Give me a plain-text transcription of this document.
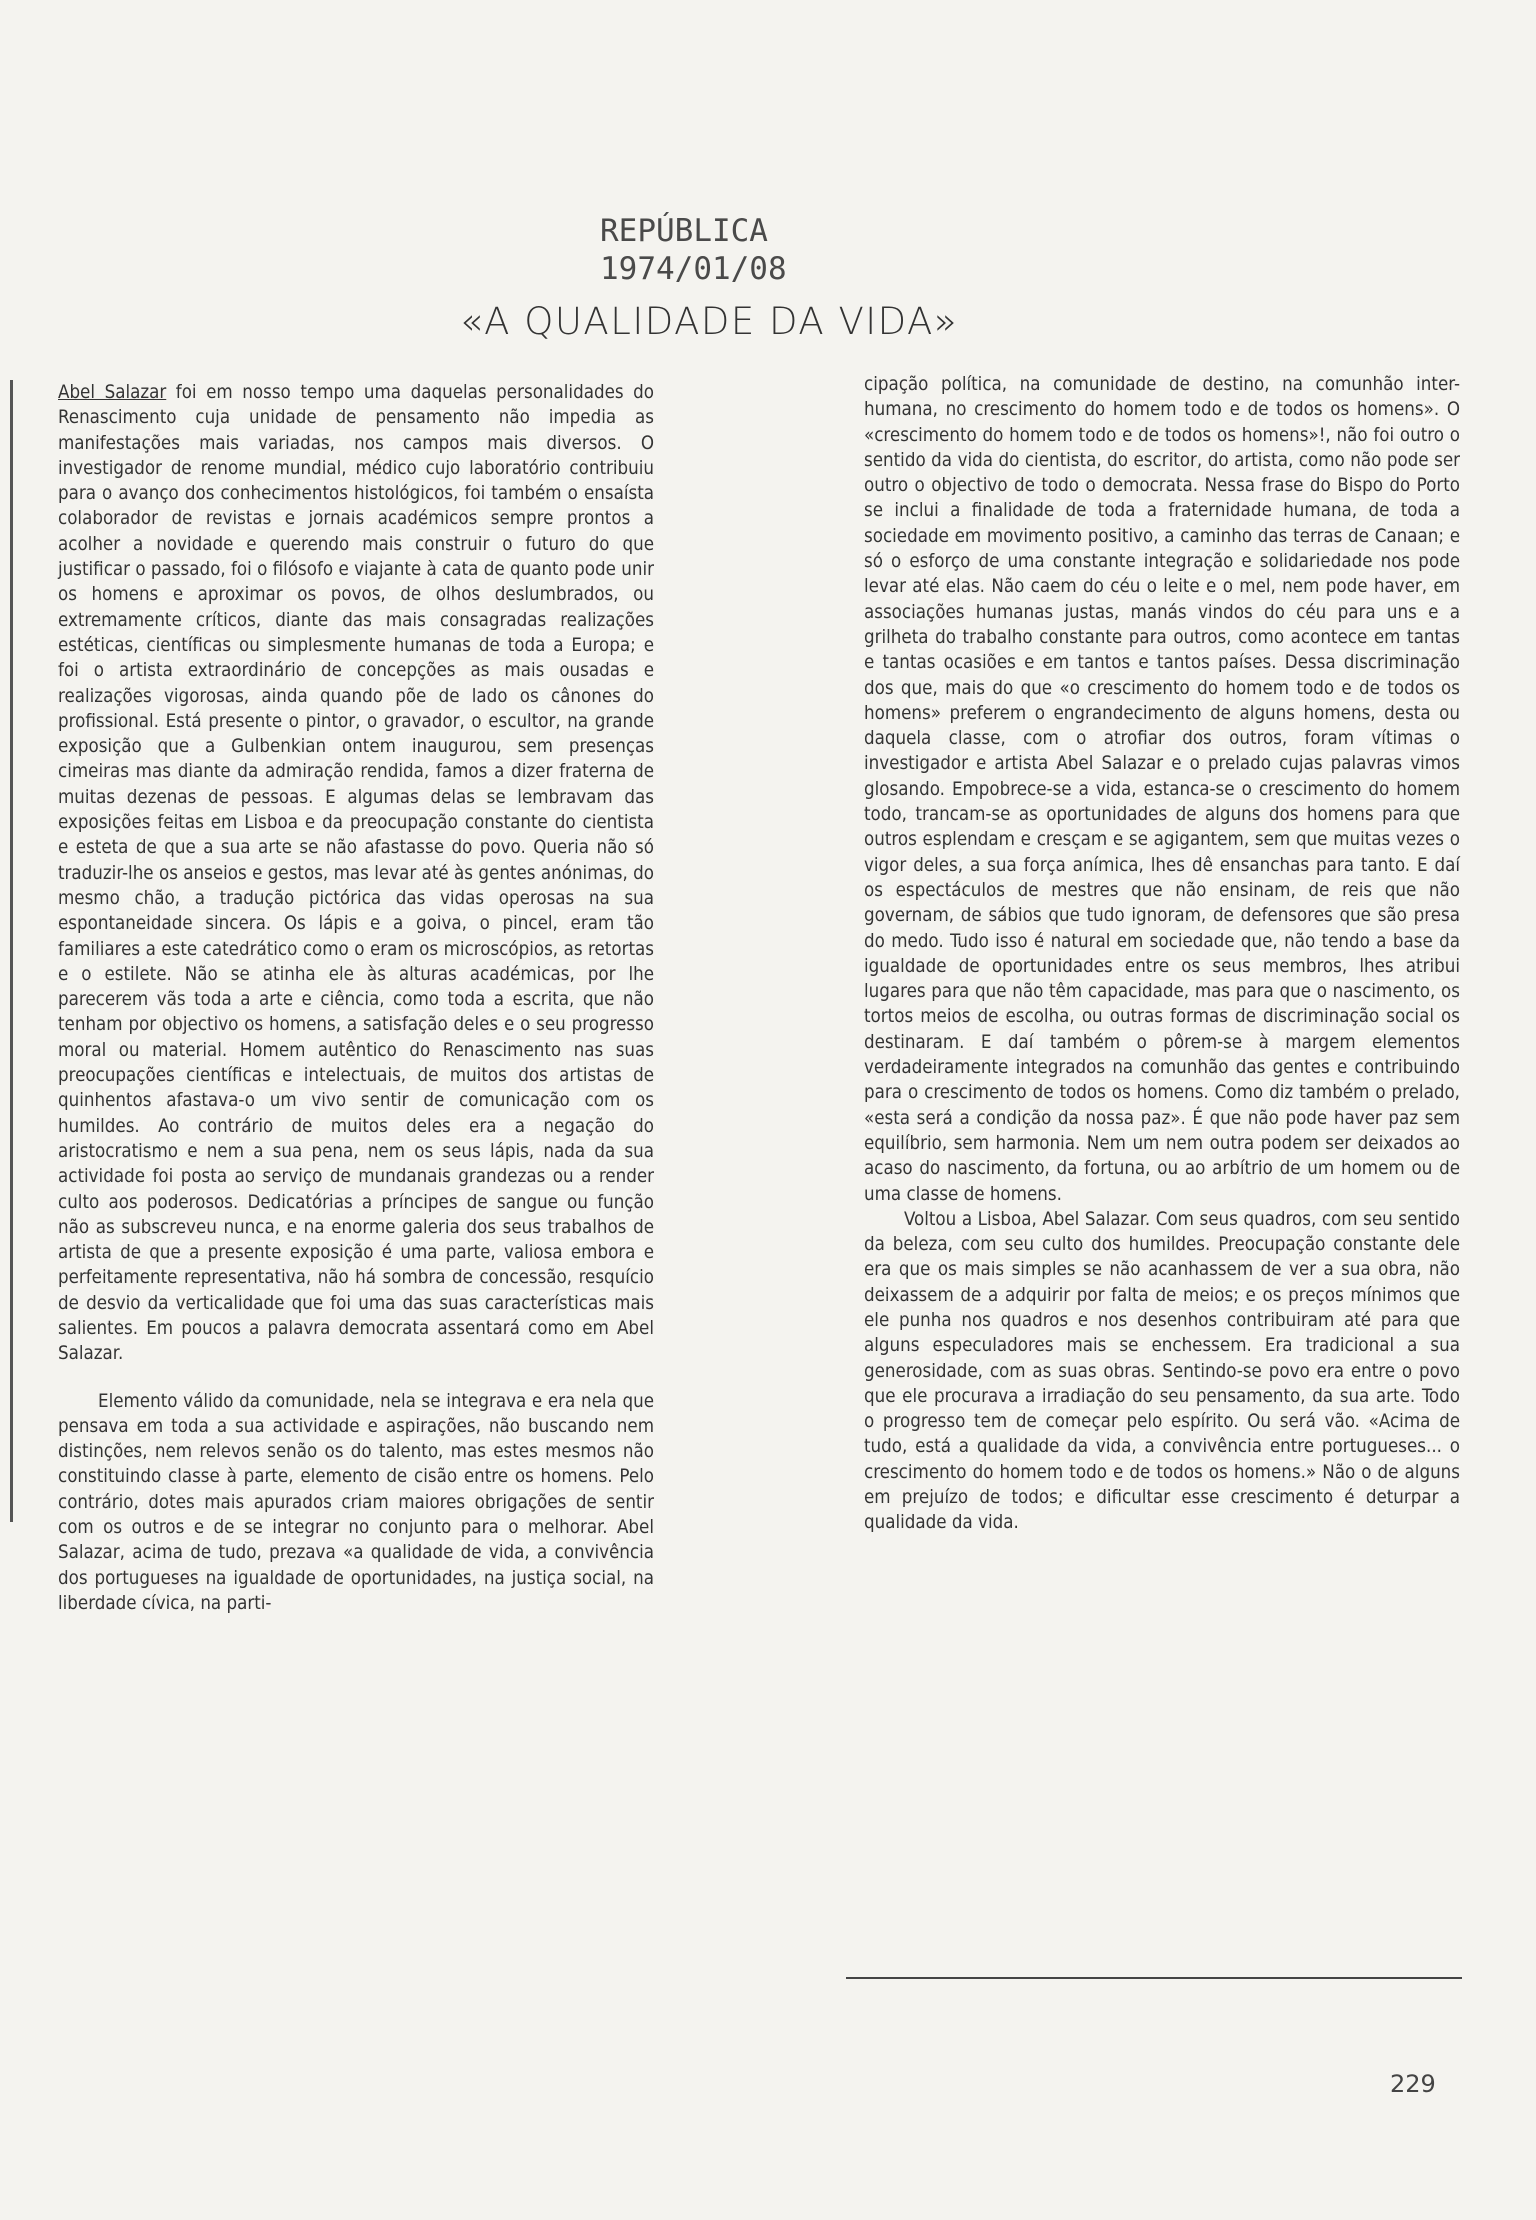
REPÚBLICA
1974/01/08
«A QUALIDADE DA VIDA»

Abel Salazar foi em nosso tempo uma daquelas personalidades do Renascimento cuja unidade de pensamento não impedia as manifestações mais variadas, nos campos mais diversos. O investigador de renome mundial, médico cujo laboratório contribuiu para o avanço dos conhecimentos histológicos, foi também o ensaísta colaborador de revistas e jornais académicos sempre prontos a acolher a novidade e querendo mais construir o futuro do que justificar o passado, foi o filósofo e viajante à cata de quanto pode unir os homens e aproximar os povos, de olhos deslumbrados, ou extremamente críticos, diante das mais consagradas realizações estéticas, científicas ou simplesmente humanas de toda a Europa; e foi o artista extraordinário de concepções as mais ousadas e realizações vigorosas, ainda quando põe de lado os cânones do profissional. Está presente o pintor, o gravador, o escultor, na grande exposição que a Gulbenkian ontem inaugurou, sem presenças cimeiras mas diante da admiração rendida, famos a dizer fraterna de muitas dezenas de pessoas. E algumas delas se lembravam das exposições feitas em Lisboa e da preocupação constante do cientista e esteta de que a sua arte se não afastasse do povo. Queria não só traduzir-lhe os anseios e gestos, mas levar até às gentes anónimas, do mesmo chão, a tradução pictórica das vidas operosas na sua espontaneidade sincera. Os lápis e a goiva, o pincel, eram tão familiares a este catedrático como o eram os microscópios, as retortas e o estilete. Não se atinha ele às alturas académicas, por lhe parecerem vãs toda a arte e ciência, como toda a escrita, que não tenham por objectivo os homens, a satisfação deles e o seu progresso moral ou material. Homem autêntico do Renascimento nas suas preocupações científicas e intelectuais, de muitos dos artistas de quinhentos afastava-o um vivo sentir de comunicação com os humildes. Ao contrário de muitos deles era a negação do aristocratismo e nem a sua pena, nem os seus lápis, nada da sua actividade foi posta ao serviço de mundanais grandezas ou a render culto aos poderosos. Dedicatórias a príncipes de sangue ou função não as subscreveu nunca, e na enorme galeria dos seus trabalhos de artista de que a presente exposição é uma parte, valiosa embora e perfeitamente representativa, não há sombra de concessão, resquício de desvio da verticalidade que foi uma das suas características mais salientes. Em poucos a palavra democrata assentará como em Abel Salazar.

Elemento válido da comunidade, nela se integrava e era nela que pensava em toda a sua actividade e aspirações, não buscando nem distinções, nem relevos senão os do talento, mas estes mesmos não constituindo classe à parte, elemento de cisão entre os homens. Pelo contrário, dotes mais apurados criam maiores obrigações de sentir com os outros e de se integrar no conjunto para o melhorar. Abel Salazar, acima de tudo, prezava «a qualidade de vida, a convivência dos portugueses na igualdade de oportunidades, na justiça social, na liberdade cívica, na parti-

cipação política, na comunidade de destino, na comunhão inter-humana, no crescimento do homem todo e de todos os homens». O «crescimento do homem todo e de todos os homens»!, não foi outro o sentido da vida do cientista, do escritor, do artista, como não pode ser outro o objectivo de todo o democrata. Nessa frase do Bispo do Porto se inclui a finalidade de toda a fraternidade humana, de toda a sociedade em movimento positivo, a caminho das terras de Canaan; e só o esforço de uma constante integração e solidariedade nos pode levar até elas. Não caem do céu o leite e o mel, nem pode haver, em associações humanas justas, manás vindos do céu para uns e a grilheta do trabalho constante para outros, como acontece em tantas e tantas ocasiões e em tantos e tantos países. Dessa discriminação dos que, mais do que «o crescimento do homem todo e de todos os homens» preferem o engrandecimento de alguns homens, desta ou daquela classe, com o atrofiar dos outros, foram vítimas o investigador e artista Abel Salazar e o prelado cujas palavras vimos glosando. Empobrece-se a vida, estanca-se o crescimento do homem todo, trancam-se as oportunidades de alguns dos homens para que outros esplendam e cresçam e se agigantem, sem que muitas vezes o vigor deles, a sua força anímica, lhes dê ensanchas para tanto. E daí os espectáculos de mestres que não ensinam, de reis que não governam, de sábios que tudo ignoram, de defensores que são presa do medo. Tudo isso é natural em sociedade que, não tendo a base da igualdade de oportunidades entre os seus membros, lhes atribui lugares para que não têm capacidade, mas para que o nascimento, os tortos meios de escolha, ou outras formas de discriminação social os destinaram. E daí também o pôrem-se à margem elementos verdadeiramente integrados na comunhão das gentes e contribuindo para o crescimento de todos os homens. Como diz também o prelado, «esta será a condição da nossa paz». É que não pode haver paz sem equilíbrio, sem harmonia. Nem um nem outra podem ser deixados ao acaso do nascimento, da fortuna, ou ao arbítrio de um homem ou de uma classe de homens.

Voltou a Lisboa, Abel Salazar. Com seus quadros, com seu sentido da beleza, com seu culto dos humildes. Preocupação constante dele era que os mais simples se não acanhassem de ver a sua obra, não deixassem de a adquirir por falta de meios; e os preços mínimos que ele punha nos quadros e nos desenhos contribuiram até para que alguns especuladores mais se enchessem. Era tradicional a sua generosidade, com as suas obras. Sentindo-se povo era entre o povo que ele procurava a irradiação do seu pensamento, da sua arte. Todo o progresso tem de começar pelo espírito. Ou será vão. «Acima de tudo, está a qualidade da vida, a convivência entre portugueses... o crescimento do homem todo e de todos os homens.» Não o de alguns em prejuízo de todos; e dificultar esse crescimento é deturpar a qualidade da vida.

229
